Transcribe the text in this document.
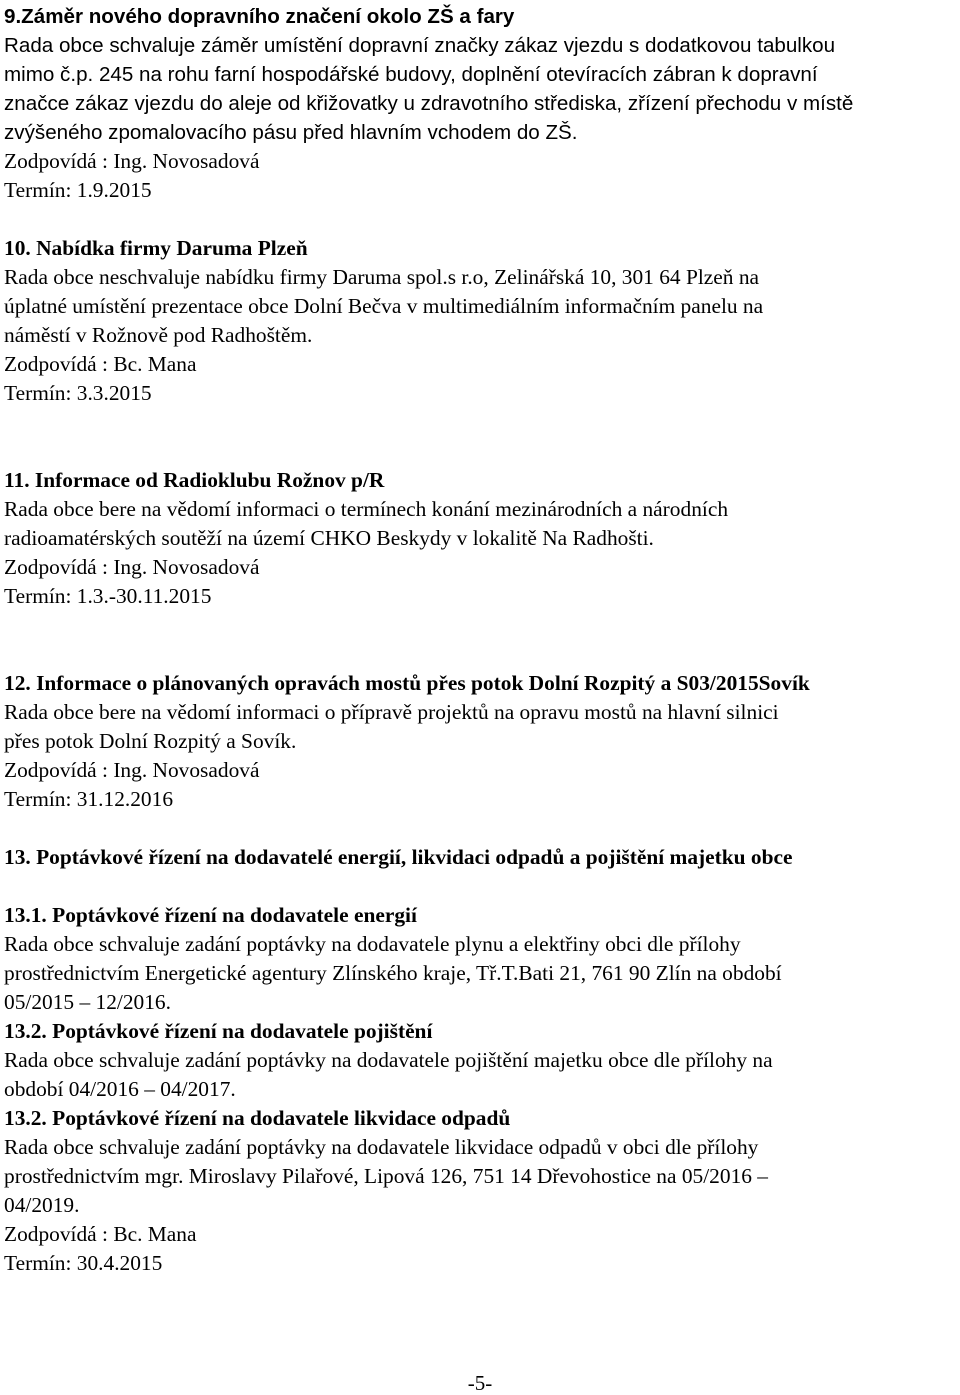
9.Záměr nového dopravního značení okolo ZŠ a fary
Rada obce schvaluje záměr umístění dopravní značky zákaz vjezdu s dodatkovou tabulkou
mimo č.p. 245 na rohu farní hospodářské budovy, doplnění otevíracích zábran k dopravní
značce zákaz vjezdu do aleje od křižovatky u zdravotního střediska, zřízení přechodu v místě
zvýšeného zpomalovacího pásu před hlavním vchodem do ZŠ.
Zodpovídá : Ing. Novosadová
Termín: 1.9.2015
10. Nabídka firmy Daruma Plzeň
Rada obce neschvaluje nabídku firmy Daruma spol.s r.o, Zelinářská 10, 301 64 Plzeň na
úplatné umístění prezentace obce Dolní Bečva v multimediálním informačním panelu na
náměstí v Rožnově pod Radhoštěm.
Zodpovídá : Bc. Mana
Termín: 3.3.2015
11. Informace od Radioklubu Rožnov p/R
Rada obce bere na vědomí informaci o termínech konání mezinárodních a národních
radioamatérských soutěží na území CHKO Beskydy v lokalitě Na Radhošti.
Zodpovídá : Ing. Novosadová
Termín: 1.3.-30.11.2015
12. Informace o plánovaných opravách mostů přes potok Dolní Rozpitý a S03/2015Sovík
Rada obce bere na vědomí informaci o přípravě projektů na opravu mostů na hlavní silnici
přes potok Dolní Rozpitý a Sovík.
Zodpovídá : Ing. Novosadová
Termín: 31.12.2016
13. Poptávkové řízení na dodavatelé energií, likvidaci odpadů a pojištění majetku obce
13.1. Poptávkové řízení na dodavatele energií
Rada obce schvaluje zadání poptávky na dodavatele plynu a elektřiny obci dle přílohy
prostřednictvím Energetické agentury Zlínského kraje, Tř.T.Bati 21, 761 90 Zlín na období
05/2015 – 12/2016.
13.2. Poptávkové řízení na dodavatele pojištění
Rada obce schvaluje zadání poptávky na dodavatele pojištění majetku obce dle přílohy na
období 04/2016 – 04/2017.
13.2. Poptávkové řízení na dodavatele likvidace odpadů
Rada obce schvaluje zadání poptávky na dodavatele likvidace odpadů v obci dle přílohy
prostřednictvím mgr. Miroslavy Pilařové, Lipová 126, 751 14 Dřevohostice na 05/2016 –
04/2019.
Zodpovídá : Bc. Mana
Termín: 30.4.2015
-5-
